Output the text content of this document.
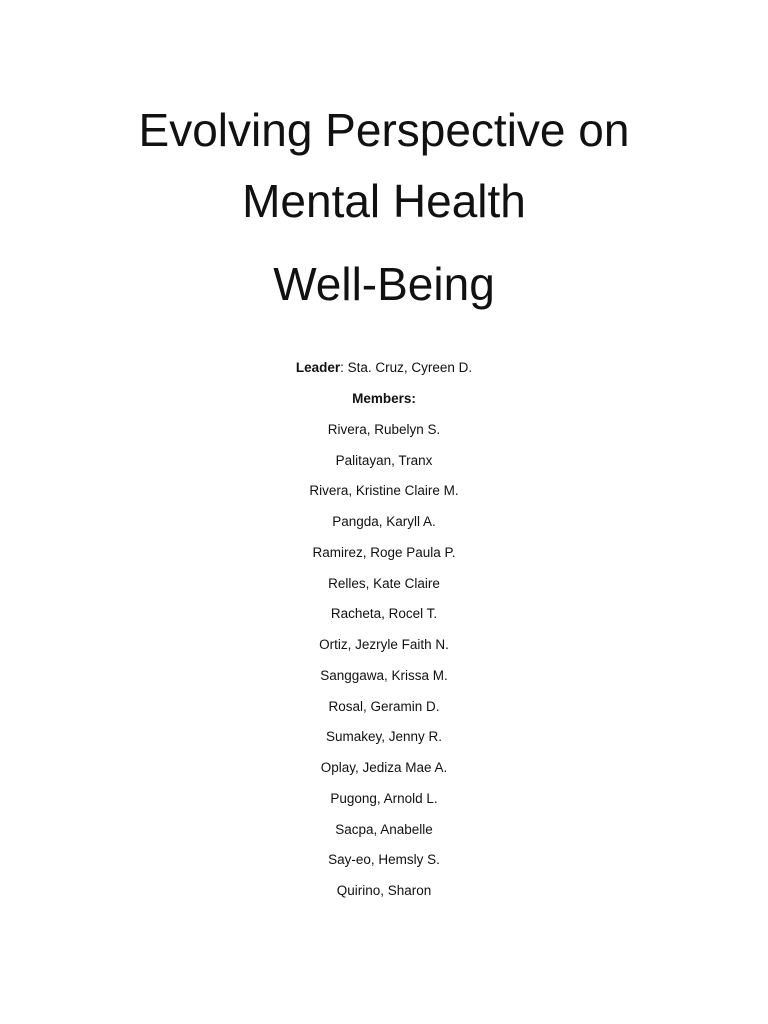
Evolving Perspective on
Mental Health
Well-Being
Leader: Sta. Cruz, Cyreen D.
Members:
Rivera, Rubelyn S.
Palitayan, Tranx
Rivera, Kristine Claire M.
Pangda, Karyll A.
Ramirez, Roge Paula P.
Relles, Kate Claire
Racheta, Rocel T.
Ortiz, Jezryle Faith N.
Sanggawa, Krissa M.
Rosal, Geramin D.
Sumakey, Jenny R.
Oplay, Jediza Mae A.
Pugong, Arnold L.
Sacpa, Anabelle
Say-eo, Hemsly S.
Quirino, Sharon
